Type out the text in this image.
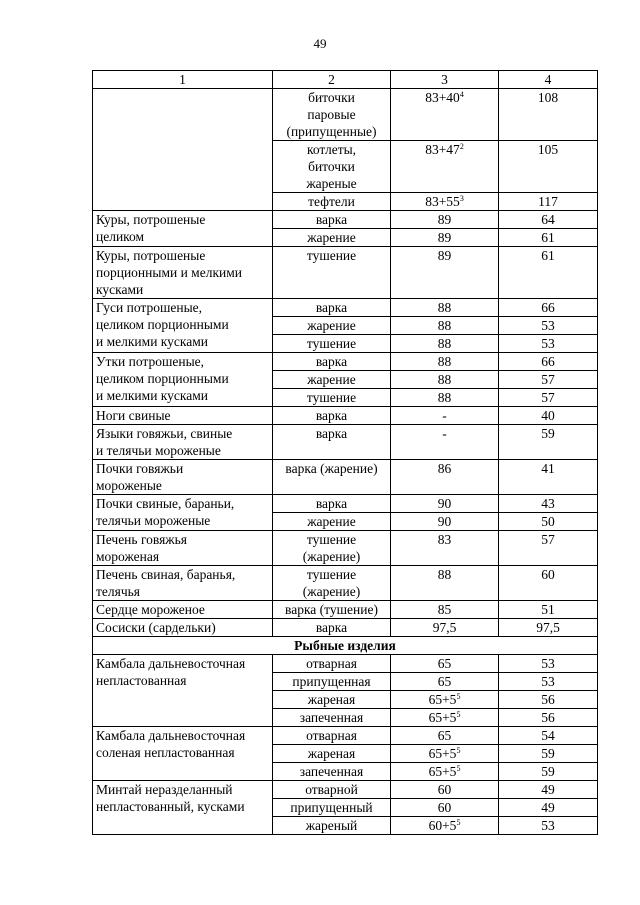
49
1	2	3	4

	биточки
паровые
(припущенные)	$83+40^4$	108

	котлеты,
биточки
жареные	$83+47^2$	105
	тефтели	$83+55^3$	117

Куры, потрошеные
целиком	варка	89	64
	жарение	89	61

Куры, потрошеные
порционными и мелкими
кусками	тушение	89	61

Гуси потрошеные,
целиком порционными
и мелкими кусками	варка	88	66
	жарение	88	53
	тушение	88	53

Утки потрошеные,
целиком порционными
и мелкими кусками	варка	88	66
	жарение	88	57
	тушение	88	57
Ноги свиные	варка	-	40

Языки говяжьи, свиные
и телячьи мороженые	варка	-	59

Почки говяжьи
мороженые	варка (жарение)	86	41

Почки свиные, бараньи,
телячьи мороженые	варка	90	43
	жарение	90	50

Печень говяжья
мороженая	тушение
(жарение)	83	57

Печень свиная, баранья,
телячья	тушение
(жарение)	88	60
Сердце мороженое	варка (тушение)	85	51
Сосиски (сардельки)	варка	97,5	97,5
Рыбные изделия			

Камбала дальневосточная
непластованная	отварная	65	53
	припущенная	65	53
	жареная	$65+5^5$	56
	запеченная	$65+5^5$	56

Камбала дальневосточная
соленая непластованная	отварная	65	54
	жареная	$65+5^5$	59
	запеченная	$65+5^5$	59

Минтай неразделанный
непластованный, кусками	отварной	60	49
	припущенный	60	49
	жареный	$60+5^5$	53
